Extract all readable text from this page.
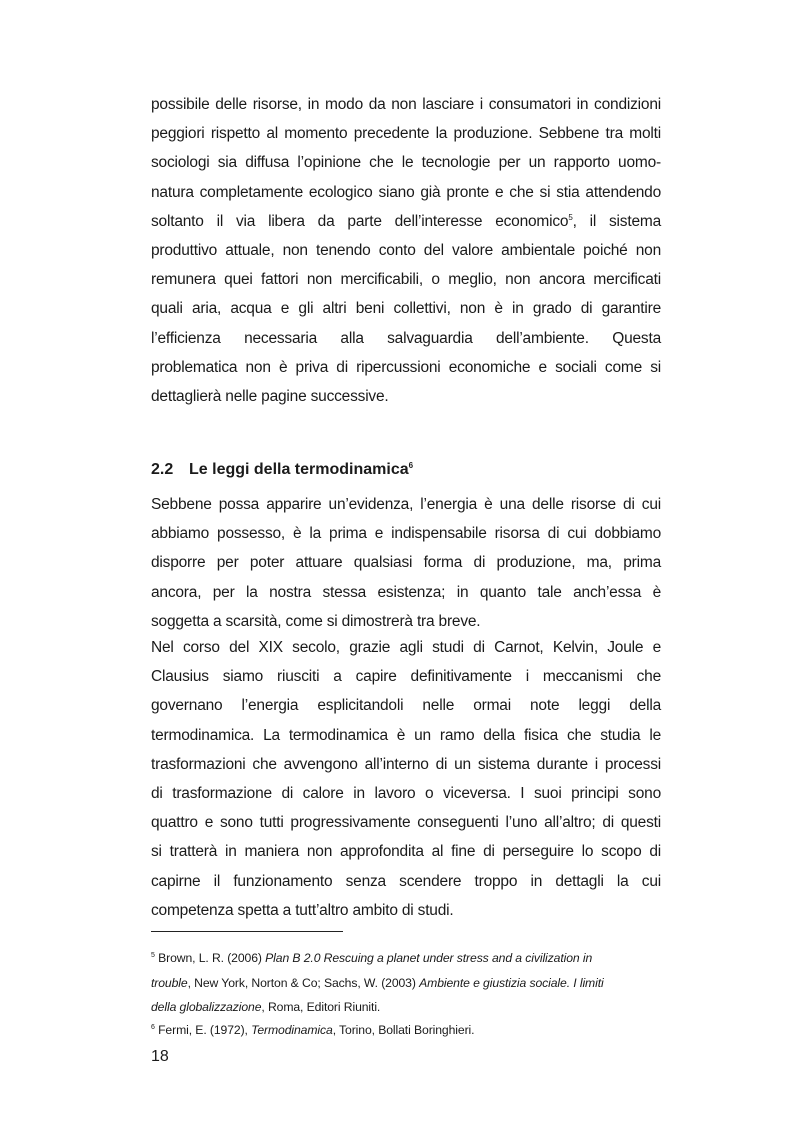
possibile delle risorse, in modo da non lasciare i consumatori in condizioni
peggiori rispetto al momento precedente la produzione. Sebbene tra molti
sociologi sia diffusa l’opinione che le tecnologie per un rapporto uomo-
natura completamente ecologico siano già pronte e che si stia attendendo
soltanto il via libera da parte dell’interesse economico$^5$, il sistema
produttivo attuale, non tenendo conto del valore ambientale poiché non
remunera quei fattori non mercificabili, o meglio, non ancora mercificati
quali aria, acqua e gli altri beni collettivi, non è in grado di garantire
l’efficienza necessaria alla salvaguardia dell’ambiente. Questa
problematica non è priva di ripercussioni economiche e sociali come si
dettaglierà nelle pagine successive.
2.2 Le leggi della termodinamica$^6$
Sebbene possa apparire un’evidenza, l’energia è una delle risorse di cui
abbiamo possesso, è la prima e indispensabile risorsa di cui dobbiamo
disporre per poter attuare qualsiasi forma di produzione, ma, prima
ancora, per la nostra stessa esistenza; in quanto tale anch’essa è
soggetta a scarsità, come si dimostrerà tra breve.
Nel corso del XIX secolo, grazie agli studi di Carnot, Kelvin, Joule e
Clausius siamo riusciti a capire definitivamente i meccanismi che
governano l’energia esplicitandoli nelle ormai note leggi della
termodinamica. La termodinamica è un ramo della fisica che studia le
trasformazioni che avvengono all’interno di un sistema durante i processi
di trasformazione di calore in lavoro o viceversa. I suoi principi sono
quattro e sono tutti progressivamente conseguenti l’uno all’altro; di questi
si tratterà in maniera non approfondita al fine di perseguire lo scopo di
capirne il funzionamento senza scendere troppo in dettagli la cui
competenza spetta a tutt’altro ambito di studi.
$^5$ Brown, L. R. (2006) Plan B 2.0 Rescuing a planet under stress and a civilization in
trouble, New York, Norton & Co; Sachs, W. (2003) Ambiente e giustizia sociale. I limiti
della globalizzazione, Roma, Editori Riuniti.
$^6$ Fermi, E. (1972), Termodinamica, Torino, Bollati Boringhieri.
18
